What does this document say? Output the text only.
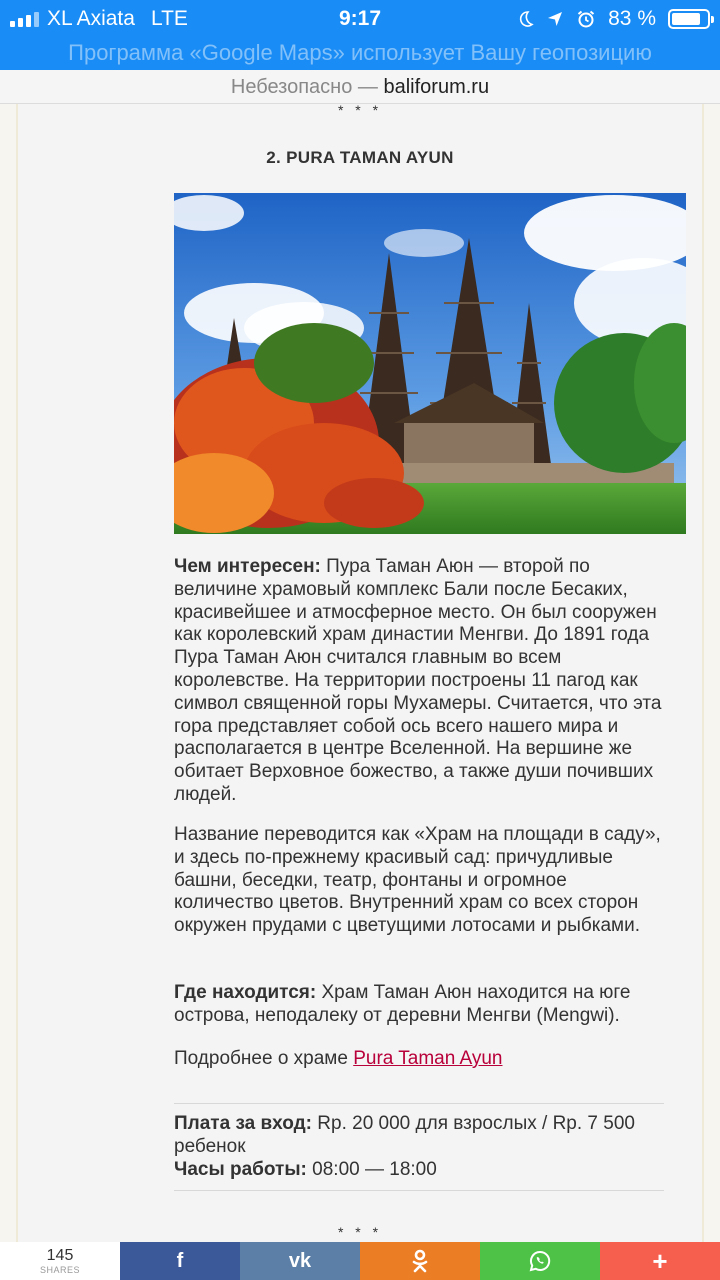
XL Axiata LTE	9:17	83 %
Программа «Google Maps» использует Вашу геопозицию
Небезопасно — baliforum.ru
* * *
2. PURA TAMAN AYUN
Чем интересен: Пура Таман Аюн — второй по величине храмовый комплекс Бали после Бесаких, красивейшее и атмосферное место. Он был сооружен как королевский храм династии Менгви. До 1891 года Пура Таман Аюн считался главным во всем королевстве. На территории построены 11 пагод как символ священной горы Мухамеры. Считается, что эта гора представляет собой ось всего нашего мира и располагается в центре Вселенной. На вершине же обитает Верховное божество, а также души почивших людей.
Название переводится как «Храм на площади в саду», и здесь по-прежнему красивый сад: причудливые башни, беседки, театр, фонтаны и огромное количество цветов. Внутренний храм со всех сторон окружен прудами с цветущими лотосами и рыбками.
Где находится: Храм Таман Аюн находится на юге острова, неподалеку от деревни Менгви (Mengwi).
Подробнее о храме Pura Taman Ayun
Плата за вход: Rp. 20 000 для взрослых / Rp. 7 500 ребенок
Часы работы: 08:00 — 18:00
* * *
145
SHARES	f	vk	+
